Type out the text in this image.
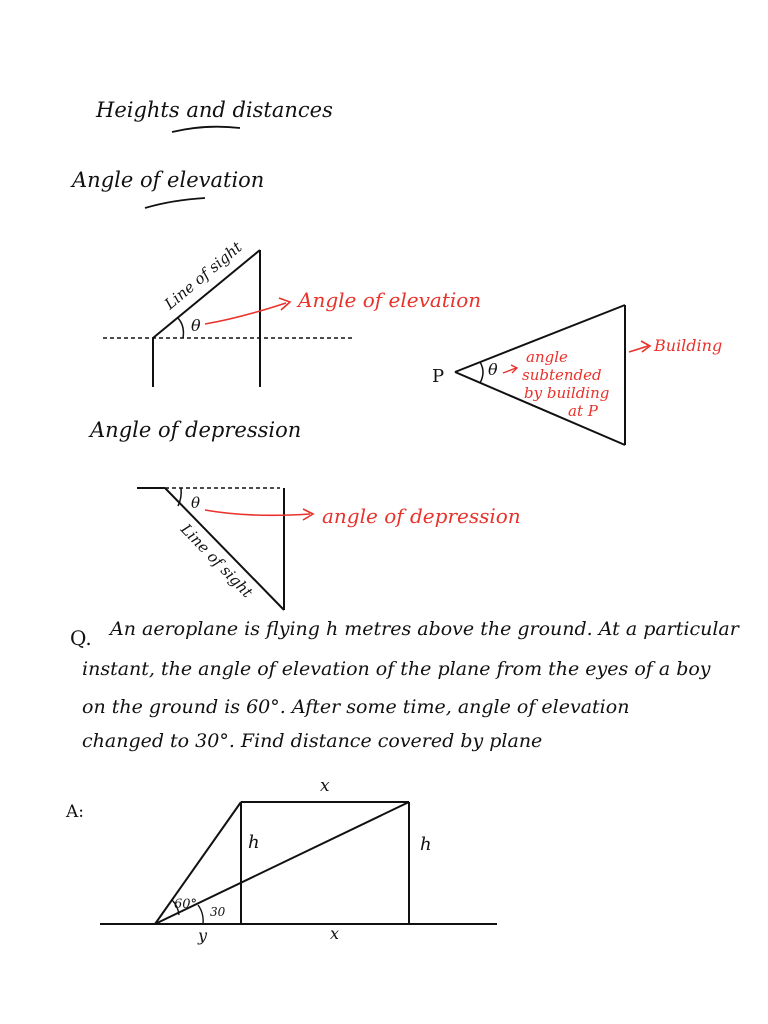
Heights and distances
Angle of elevation
Line of sight
θ
Angle of elevation
P	θ
angle
subtended
by building
at P
Building
Angle of depression
Line of sight
θ
angle of depression
Q. An aeroplane is flying h metres above the ground. At a particular
instant, the angle of elevation of the plane from the eyes of a boy
on the ground is 60°. After some time, angle of elevation
changed to 30°. Find distance covered by plane
A:
x
h	h
60° 30
y	x
